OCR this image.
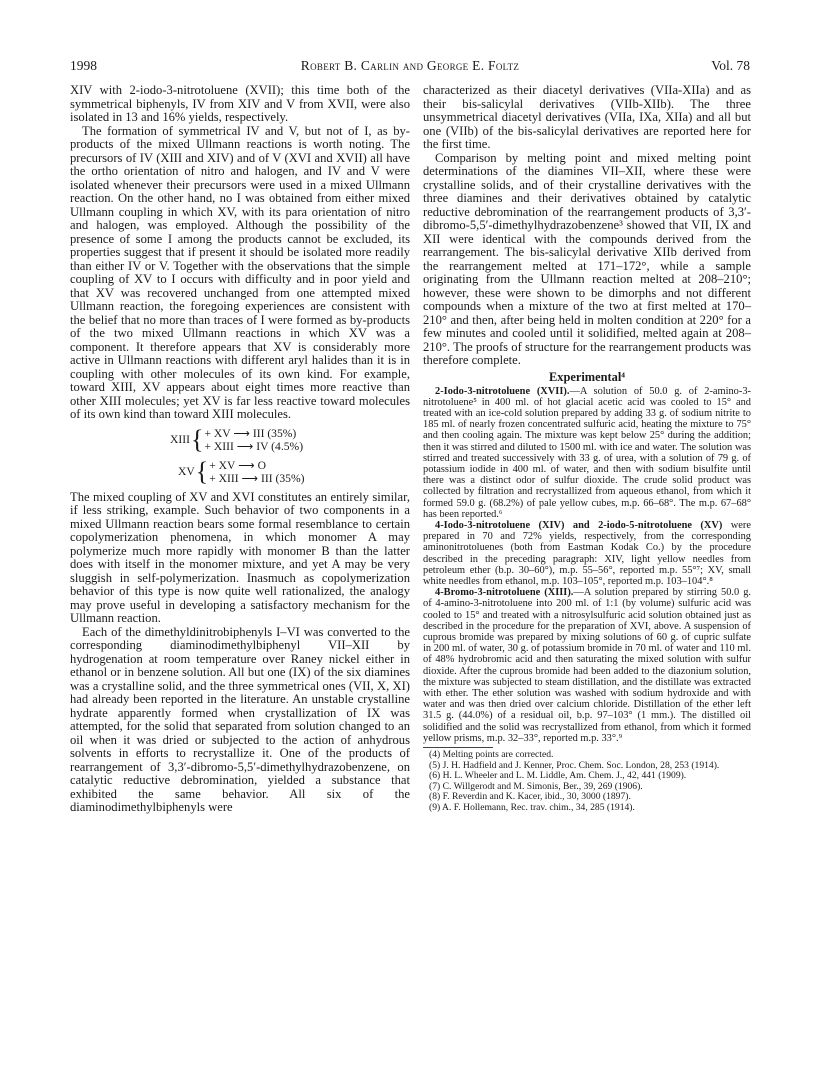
1998	Robert B. Carlin and George E. Foltz	Vol. 78

XIV with 2-iodo-3-nitrotoluene (XVII); this time both of the symmetrical biphenyls, IV from XIV and V from XVII, were also isolated in 13 and 16% yields, respectively.

The formation of symmetrical IV and V, but not of I, as by-products of the mixed Ullmann reactions is worth noting. The precursors of IV (XIII and XIV) and of V (XVI and XVII) all have the ortho orientation of nitro and halogen, and IV and V were isolated whenever their precursors were used in a mixed Ullmann reaction. On the other hand, no I was obtained from either mixed Ullmann coupling in which XV, with its para orientation of nitro and halogen, was employed. Although the possibility of the presence of some I among the products cannot be excluded, its properties suggest that if present it should be isolated more readily than either IV or V. Together with the observations that the simple coupling of XV to I occurs with difficulty and in poor yield and that XV was recovered unchanged from one attempted mixed Ullmann reaction, the foregoing experiences are consistent with the belief that no more than traces of I were formed as by-products of the two mixed Ullmann reactions in which XV was a component. It therefore appears that XV is considerably more active in Ullmann reactions with different aryl halides than it is in coupling with other molecules of its own kind. For example, toward XIII, XV appears about eight times more reactive than other XIII molecules; yet XV is far less reactive toward molecules of its own kind than toward XIII molecules.

XIII	{	+ XV ⟶ III (35%)
+ XIII ⟶ IV (4.5%)
XV	{	+ XV ⟶ O
+ XIII ⟶ III (35%)

The mixed coupling of XV and XVI constitutes an entirely similar, if less striking, example. Such behavior of two components in a mixed Ullmann reaction bears some formal resemblance to certain copolymerization phenomena, in which monomer A may polymerize much more rapidly with monomer B than the latter does with itself in the monomer mixture, and yet A may be very sluggish in self-polymerization. Inasmuch as copolymerization behavior of this type is now quite well rationalized, the analogy may prove useful in developing a satisfactory mechanism for the Ullmann reaction.

Each of the dimethyldinitrobiphenyls I–VI was converted to the corresponding diaminodimethylbiphenyl VII–XII by hydrogenation at room temperature over Raney nickel either in ethanol or in benzene solution. All but one (IX) of the six diamines was a crystalline solid, and the three symmetrical ones (VII, X, XI) had already been reported in the literature. An unstable crystalline hydrate apparently formed when crystallization of IX was attempted, for the solid that separated from solution changed to an oil when it was dried or subjected to the action of anhydrous solvents in efforts to recrystallize it. One of the products of rearrangement of 3,3′-dibromo-5,5′-dimethylhydrazobenzene, on catalytic reductive debromination, yielded a substance that exhibited the same behavior. All six of the diaminodimethylbiphenyls were

characterized as their diacetyl derivatives (VIIa-XIIa) and as their bis-salicylal derivatives (VIIb-XIIb). The three unsymmetrical diacetyl derivatives (VIIa, IXa, XIIa) and all but one (VIIb) of the bis-salicylal derivatives are reported here for the first time.

Comparison by melting point and mixed melting point determinations of the diamines VII–XII, where these were crystalline solids, and of their crystalline derivatives with the three diamines and their derivatives obtained by catalytic reductive debromination of the rearrangement products of 3,3′-dibromo-5,5′-dimethylhydrazobenzene³ showed that VII, IX and XII were identical with the compounds derived from the rearrangement. The bis-salicylal derivative XIIb derived from the rearrangement melted at 171–172°, while a sample originating from the Ullmann reaction melted at 208–210°; however, these were shown to be dimorphs and not different compounds when a mixture of the two at first melted at 170–210° and then, after being held in molten condition at 220° for a few minutes and cooled until it solidified, melted again at 208–210°. The proofs of structure for the rearrangement products was therefore complete.

Experimental⁴

2-Iodo-3-nitrotoluene (XVII).—A solution of 50.0 g. of 2-amino-3-nitrotoluene⁵ in 400 ml. of hot glacial acetic acid was cooled to 15° and treated with an ice-cold solution prepared by adding 33 g. of sodium nitrite to 185 ml. of nearly frozen concentrated sulfuric acid, heating the mixture to 75° and then cooling again. The mixture was kept below 25° during the addition; then it was stirred and diluted to 1500 ml. with ice and water. The solution was stirred and treated successively with 33 g. of urea, with a solution of 79 g. of potassium iodide in 400 ml. of water, and then with sodium bisulfite until there was a distinct odor of sulfur dioxide. The crude solid product was collected by filtration and recrystallized from aqueous ethanol, from which it formed 59.0 g. (68.2%) of pale yellow cubes, m.p. 66–68°. The m.p. 67–68° has been reported.⁶

4-Iodo-3-nitrotoluene (XIV) and 2-iodo-5-nitrotoluene (XV) were prepared in 70 and 72% yields, respectively, from the corresponding aminonitrotoluenes (both from Eastman Kodak Co.) by the procedure described in the preceding paragraph: XIV, light yellow needles from petroleum ether (b.p. 30–60°), m.p. 55–56°, reported m.p. 55°⁷; XV, small white needles from ethanol, m.p. 103–105°, reported m.p. 103–104°.⁸

4-Bromo-3-nitrotoluene (XIII).—A solution prepared by stirring 50.0 g. of 4-amino-3-nitrotoluene into 200 ml. of 1:1 (by volume) sulfuric acid was cooled to 15° and treated with a nitrosylsulfuric acid solution obtained just as described in the procedure for the preparation of XVI, above. A suspension of cuprous bromide was prepared by mixing solutions of 60 g. of cupric sulfate in 200 ml. of water, 30 g. of potassium bromide in 70 ml. of water and 110 ml. of 48% hydrobromic acid and then saturating the mixed solution with sulfur dioxide. After the cuprous bromide had been added to the diazonium solution, the mixture was subjected to steam distillation, and the distillate was extracted with ether. The ether solution was washed with sodium hydroxide and with water and was then dried over calcium chloride. Distillation of the ether left 31.5 g. (44.0%) of a residual oil, b.p. 97–103° (1 mm.). The distilled oil solidified and the solid was recrystallized from ethanol, from which it formed yellow prisms, m.p. 32–33°, reported m.p. 33°.⁹

(4) Melting points are corrected.
(5) J. H. Hadfield and J. Kenner, Proc. Chem. Soc. London, 28, 253 (1914).
(6) H. L. Wheeler and L. M. Liddle, Am. Chem. J., 42, 441 (1909).
(7) C. Willgerodt and M. Simonis, Ber., 39, 269 (1906).
(8) F. Reverdin and K. Kacer, ibid., 30, 3000 (1897).
(9) A. F. Hollemann, Rec. trav. chim., 34, 285 (1914).
